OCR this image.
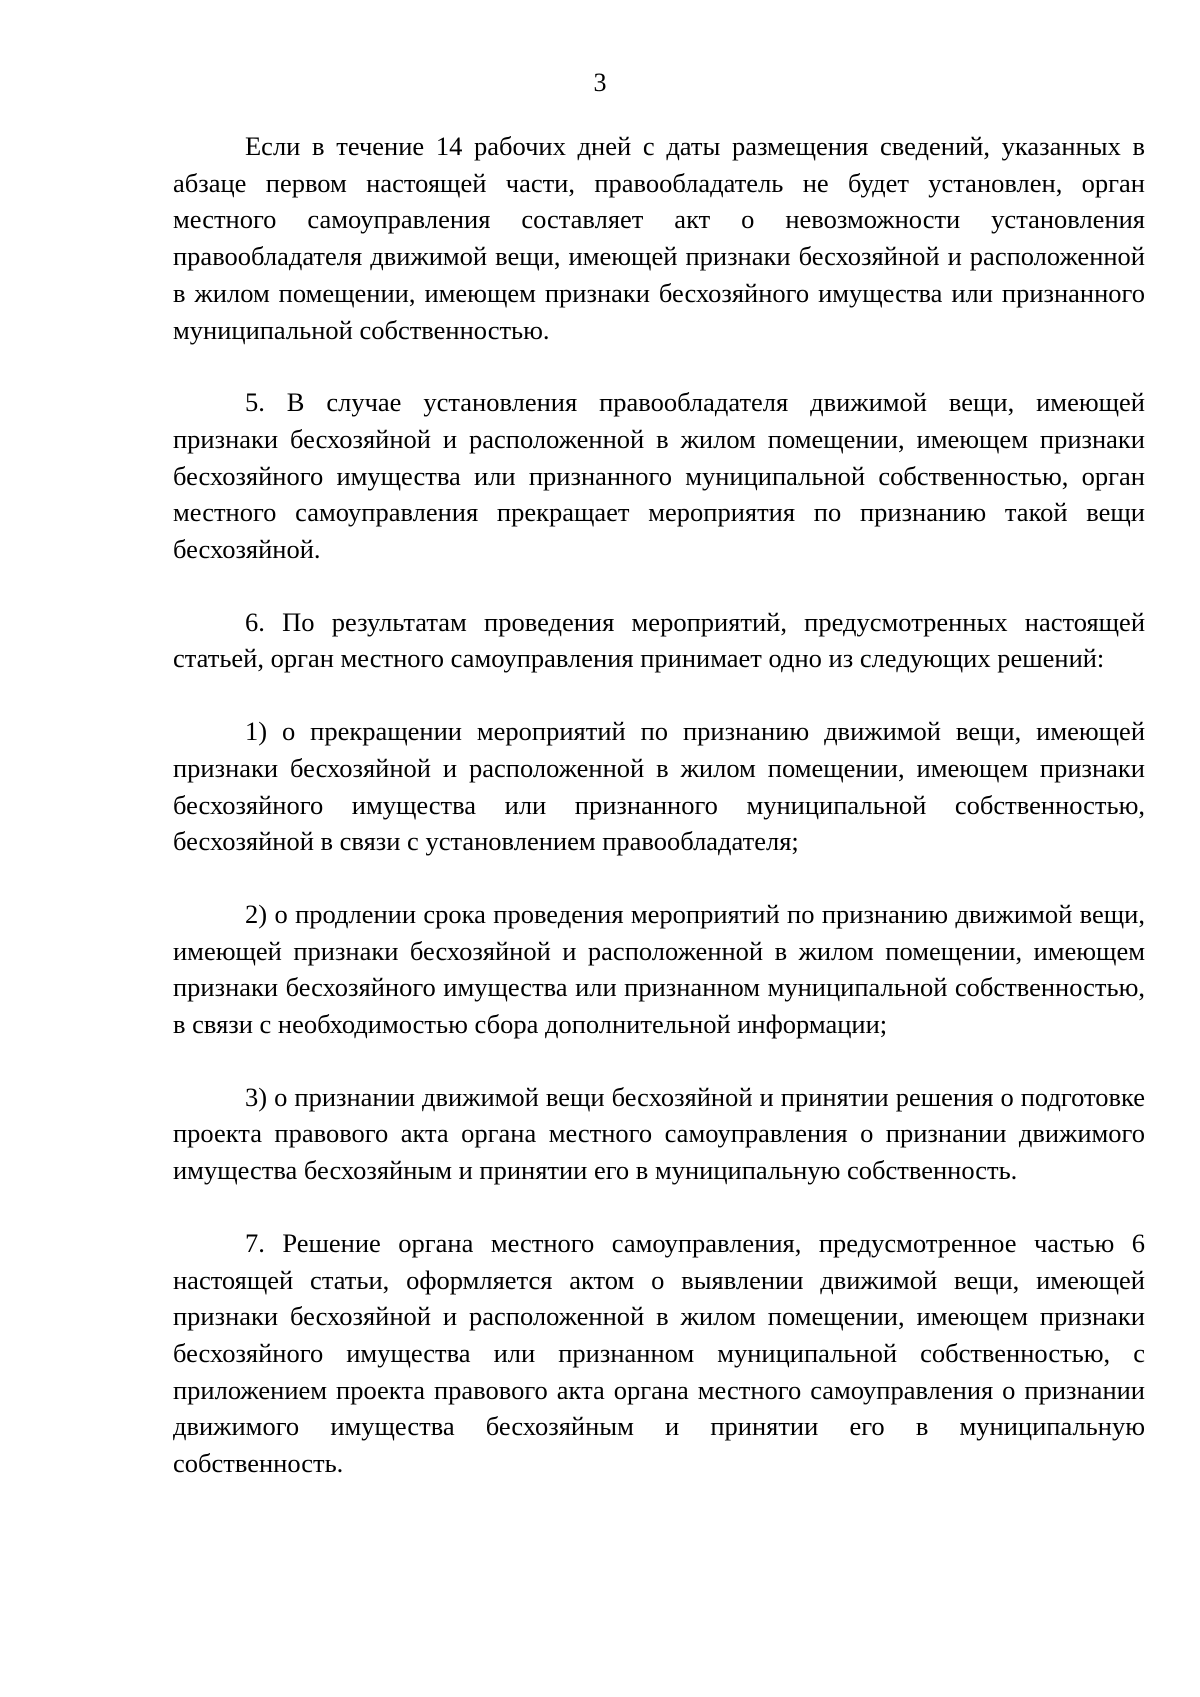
3

Если в течение 14 рабочих дней с даты размещения сведений, указанных в абзаце первом настоящей части, правообладатель не будет установлен, орган местного самоуправления составляет акт о невозможности установления правообладателя движимой вещи, имеющей признаки бесхозяйной и расположенной в жилом помещении, имеющем признаки бесхозяйного имущества или признанного муниципальной собственностью.

5. В случае установления правообладателя движимой вещи, имеющей признаки бесхозяйной и расположенной в жилом помещении, имеющем признаки бесхозяйного имущества или признанного муниципальной собственностью, орган местного самоуправления прекращает мероприятия по признанию такой вещи бесхозяйной.

6. По результатам проведения мероприятий, предусмотренных настоящей статьей, орган местного самоуправления принимает одно из следующих решений:

1) о прекращении мероприятий по признанию движимой вещи, имеющей признаки бесхозяйной и расположенной в жилом помещении, имеющем признаки бесхозяйного имущества или признанного муниципальной собственностью, бесхозяйной в связи с установлением правообладателя;

2) о продлении срока проведения мероприятий по признанию движимой вещи, имеющей признаки бесхозяйной и расположенной в жилом помещении, имеющем признаки бесхозяйного имущества или признанном муниципальной собственностью, в связи с необходимостью сбора дополнительной информации;

3) о признании движимой вещи бесхозяйной и принятии решения о подготовке проекта правового акта органа местного самоуправления о признании движимого имущества бесхозяйным и принятии его в муниципальную собственность.

7. Решение органа местного самоуправления, предусмотренное частью 6 настоящей статьи, оформляется актом о выявлении движимой вещи, имеющей признаки бесхозяйной и расположенной в жилом помещении, имеющем признаки бесхозяйного имущества или признанном муниципальной собственностью, с приложением проекта правового акта органа местного самоуправления о признании движимого имущества бесхозяйным и принятии его в муниципальную собственность.
